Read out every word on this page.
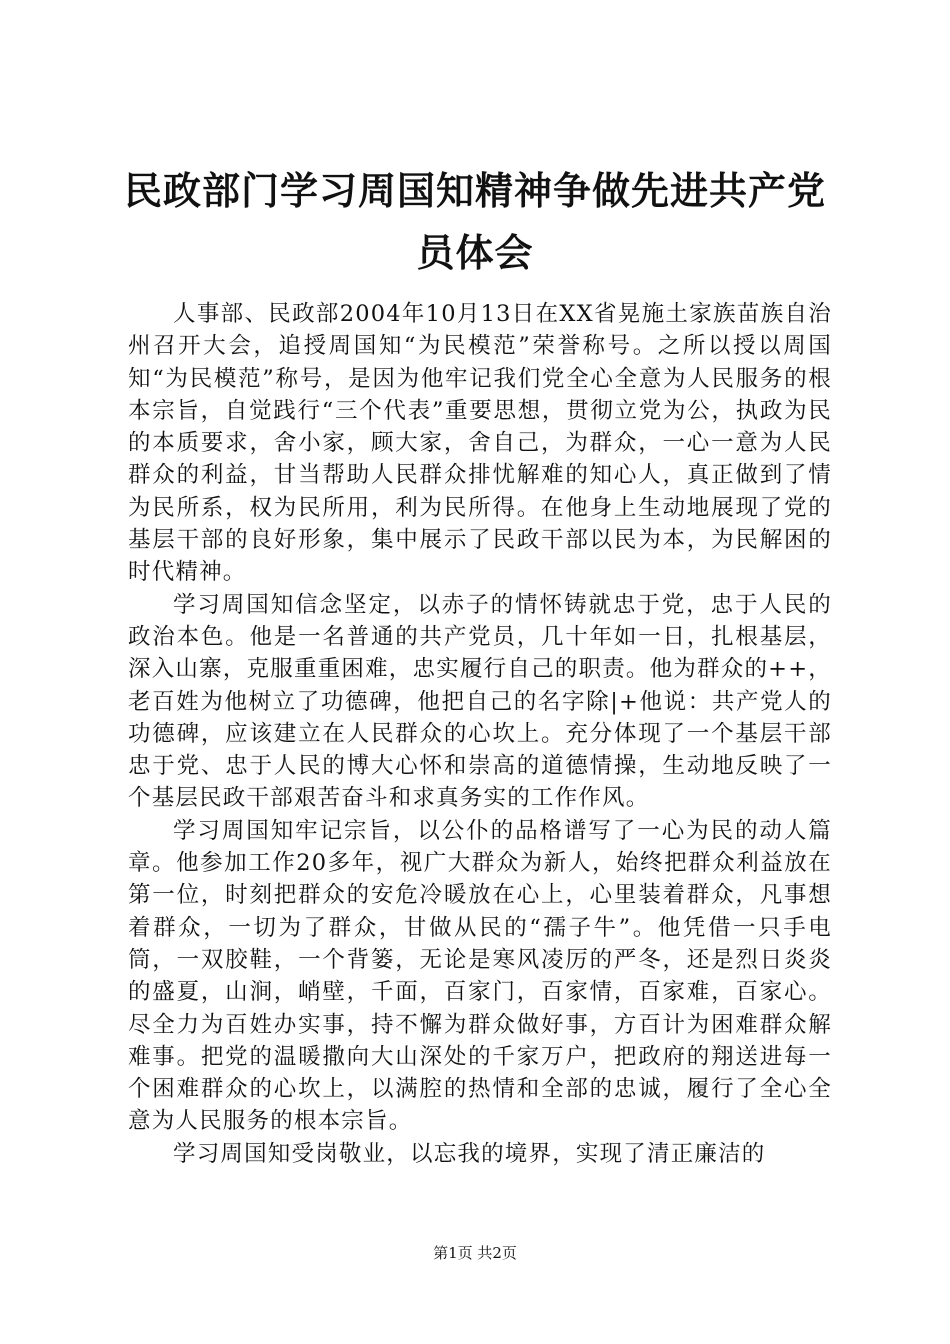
民政部门学习周国知精神争做先进共产党员体会

人事部、民政部2004年10月13日在XX省晃施土家族苗族自治州召开大会，追授周国知“为民模范”荣誉称号。之所以授以周国知“为民模范”称号，是因为他牢记我们党全心全意为人民服务的根本宗旨，自觉践行“三个代表”重要思想，贯彻立党为公，执政为民的本质要求，舍小家，顾大家，舍自己，为群众，一心一意为人民群众的利益，甘当帮助人民群众排忧解难的知心人，真正做到了情为民所系，权为民所用，利为民所得。在他身上生动地展现了党的基层干部的良好形象，集中展示了民政干部以民为本，为民解困的时代精神。

学习周国知信念坚定，以赤子的情怀铸就忠于党，忠于人民的政治本色。他是一名普通的共产党员，几十年如一日，扎根基层，深入山寨，克服重重困难，忠实履行自己的职责。他为群众的++，老百姓为他树立了功德碑，他把自己的名字除|+他说：共产党人的功德碑，应该建立在人民群众的心坎上。充分体现了一个基层干部忠于党、忠于人民的博大心怀和崇高的道德情操，生动地反映了一个基层民政干部艰苦奋斗和求真务实的工作作风。

学习周国知牢记宗旨，以公仆的品格谱写了一心为民的动人篇章。他参加工作20多年，视广大群众为新人，始终把群众利益放在第一位，时刻把群众的安危冷暖放在心上，心里装着群众，凡事想着群众，一切为了群众，甘做从民的“孺子牛”。他凭借一只手电筒，一双胶鞋，一个背篓，无论是寒风凌厉的严冬，还是烈日炎炎的盛夏，山涧，峭壁，千面，百家门，百家情，百家难，百家心。尽全力为百姓办实事，持不懈为群众做好事，方百计为困难群众解难事。把党的温暖撒向大山深处的千家万户，把政府的翔送进每一个困难群众的心坎上，以满腔的热情和全部的忠诚，履行了全心全意为人民服务的根本宗旨。

学习周国知受岗敬业，以忘我的境界，实现了清正廉洁的

第1页 共2页
